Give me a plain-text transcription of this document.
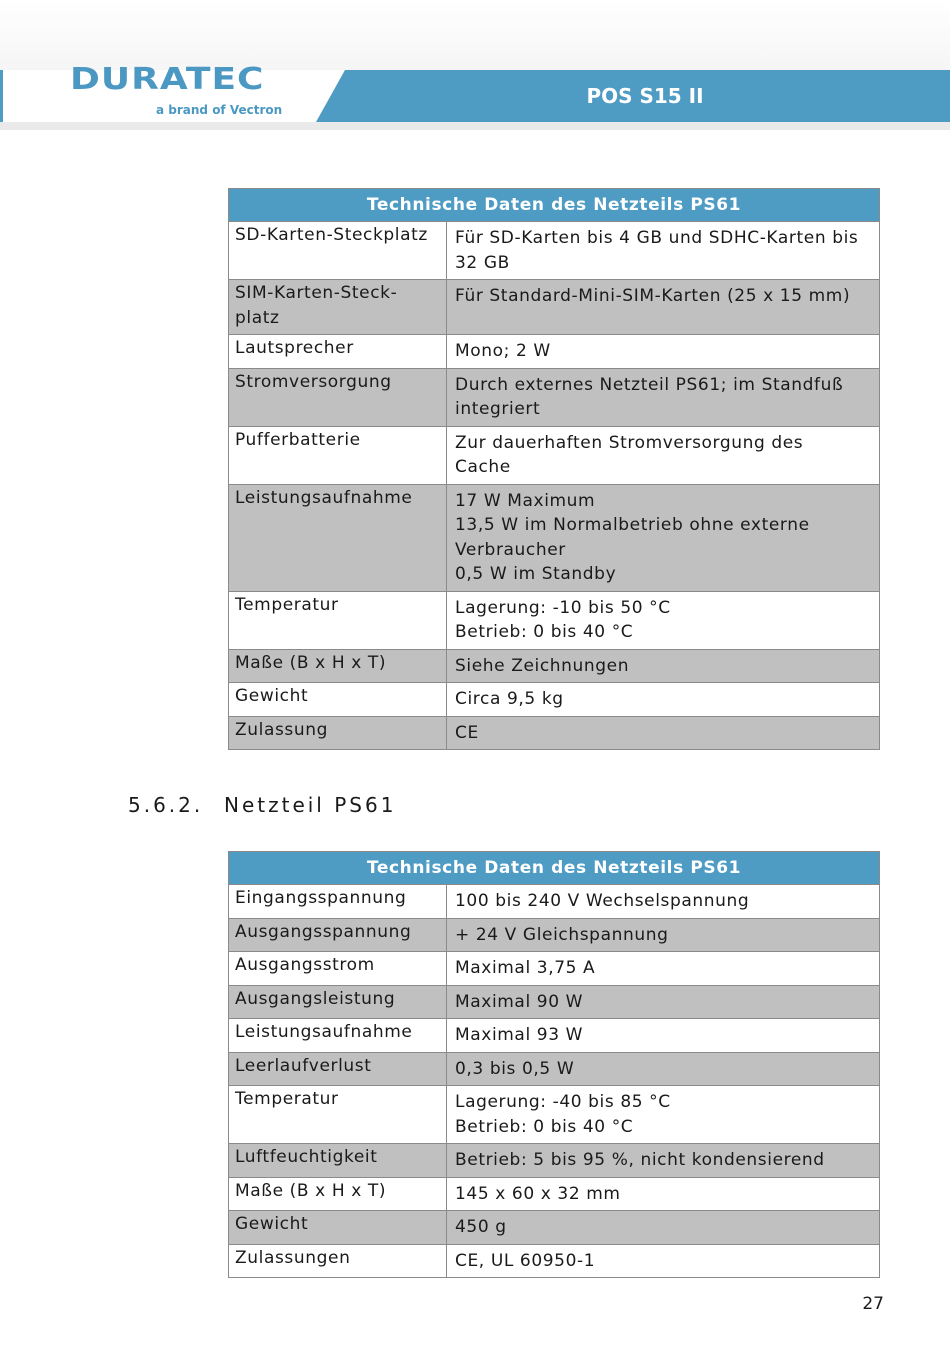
DURATEC
a brand of Vectron
POS S15 II
Technische Daten des Netzteils PS61	
SD-Karten-Steckplatz	Für SD-Karten bis 4 GB und SDHC-Karten bis
32 GB
SIM-Karten-Steck-
platz	Für Standard-Mini-SIM-Karten (25 x 15 mm)
Lautsprecher	Mono; 2 W
Stromversorgung	Durch externes Netzteil PS61; im Standfuß
integriert
Pufferbatterie	Zur dauerhaften Stromversorgung des
Cache
Leistungsaufnahme	17 W Maximum
13,5 W im Normalbetrieb ohne externe
Verbraucher
0,5 W im Standby
Temperatur	Lagerung: -10 bis 50 °C
Betrieb: 0 bis 40 °C
Maße (B x H x T)	Siehe Zeichnungen
Gewicht	Circa 9,5 kg
Zulassung	CE
5.6.2. Netzteil PS61
Technische Daten des Netzteils PS61	
Eingangsspannung	100 bis 240 V Wechselspannung
Ausgangsspannung	+ 24 V Gleichspannung
Ausgangsstrom	Maximal 3,75 A
Ausgangsleistung	Maximal 90 W
Leistungsaufnahme	Maximal 93 W
Leerlaufverlust	0,3 bis 0,5 W
Temperatur	Lagerung: -40 bis 85 °C
Betrieb: 0 bis 40 °C
Luftfeuchtigkeit	Betrieb: 5 bis 95 %, nicht kondensierend
Maße (B x H x T)	145 x 60 x 32 mm
Gewicht	450 g
Zulassungen	CE, UL 60950-1
27
